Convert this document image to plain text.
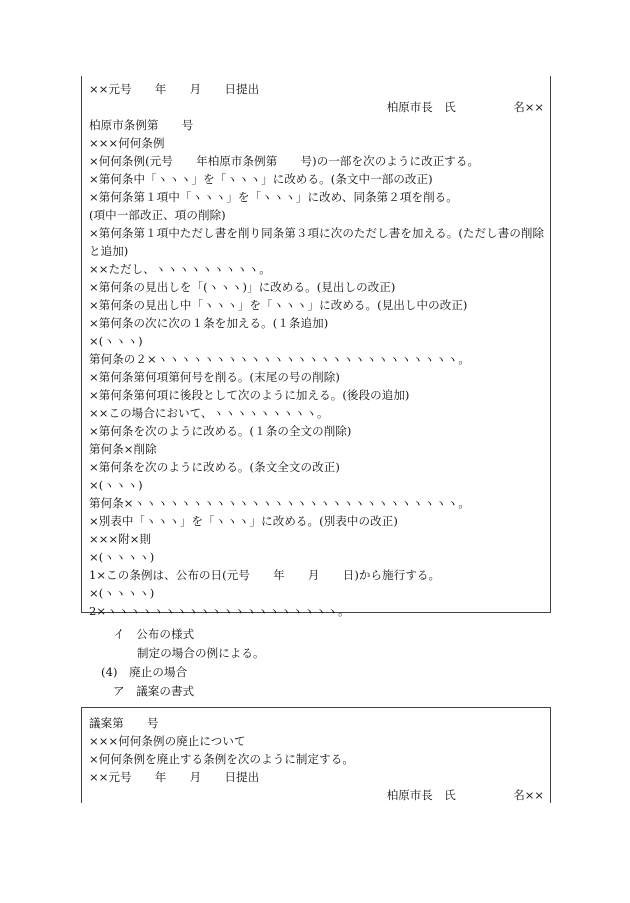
××元号　　年　　月　　日提出
柏原市長　氏　　　　　名××
柏原市条例第　　号
×××何何条例
×何何条例(元号　　年柏原市条例第　　号)の一部を次のように改正する。
×第何条中「ヽヽヽ」を「ヽヽヽ」に改める。(条文中一部の改正)
×第何条第１項中「ヽヽヽ」を「ヽヽヽ」に改め、同条第２項を削る。
(項中一部改正、項の削除)
×第何条第１項中ただし書を削り同条第３項に次のただし書を加える。(ただし書の削除
と追加)
××ただし、ヽヽヽヽヽヽヽヽヽ。
×第何条の見出しを「(ヽヽヽ)」に改める。(見出しの改正)
×第何条の見出し中「ヽヽヽ」を「ヽヽヽ」に改める。(見出し中の改正)
×第何条の次に次の１条を加える。(１条追加)
×(ヽヽヽ)
第何条の２×ヽヽヽヽヽヽヽヽヽヽヽヽヽヽヽヽヽヽヽヽヽヽヽヽヽヽ。
×第何条第何項第何号を削る。(末尾の号の削除)
×第何条第何項に後段として次のように加える。(後段の追加)
××この場合において、ヽヽヽヽヽヽヽヽヽ。
×第何条を次のように改める。(１条の全文の削除)
第何条×削除
×第何条を次のように改める。(条文全文の改正)
×(ヽヽヽ)
第何条×ヽヽヽヽヽヽヽヽヽヽヽヽヽヽヽヽヽヽヽヽヽヽヽヽヽヽヽヽ。
×別表中「ヽヽヽ」を「ヽヽヽ」に改める。(別表中の改正)
×××附×則
×(ヽヽヽヽ)
1×この条例は、公布の日(元号　　年　　月　　日)から施行する。
×(ヽヽヽヽ)
2×ヽヽヽヽヽヽヽヽヽヽヽヽヽヽヽヽヽヽヽヽ。
イ　公布の様式
制定の場合の例による。
(4)　廃止の場合
ア　議案の書式
議案第　　号
×××何何条例の廃止について
×何何条例を廃止する条例を次のように制定する。
××元号　　年　　月　　日提出
柏原市長　氏　　　　　名××
